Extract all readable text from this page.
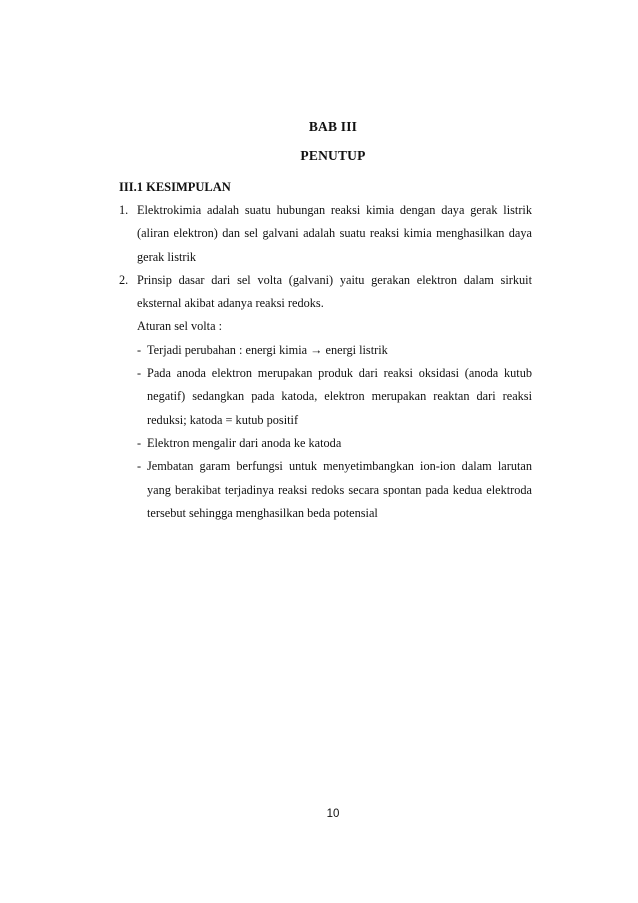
BAB III
PENUTUP
III.1 KESIMPULAN
1. Elektrokimia adalah suatu hubungan reaksi kimia dengan daya gerak listrik (aliran elektron) dan sel galvani adalah suatu reaksi kimia menghasilkan daya gerak listrik
2. Prinsip dasar dari sel volta (galvani) yaitu gerakan elektron dalam sirkuit eksternal akibat adanya reaksi redoks.
Aturan sel volta :
- Terjadi perubahan : energi kimia → energi listrik
- Pada anoda elektron merupakan produk dari reaksi oksidasi (anoda kutub negatif) sedangkan pada katoda, elektron merupakan reaktan dari reaksi reduksi; katoda = kutub positif
- Elektron mengalir dari anoda ke katoda
- Jembatan garam berfungsi untuk menyetimbangkan ion-ion dalam larutan yang berakibat terjadinya reaksi redoks secara spontan pada kedua elektroda tersebut sehingga menghasilkan beda potensial
10
